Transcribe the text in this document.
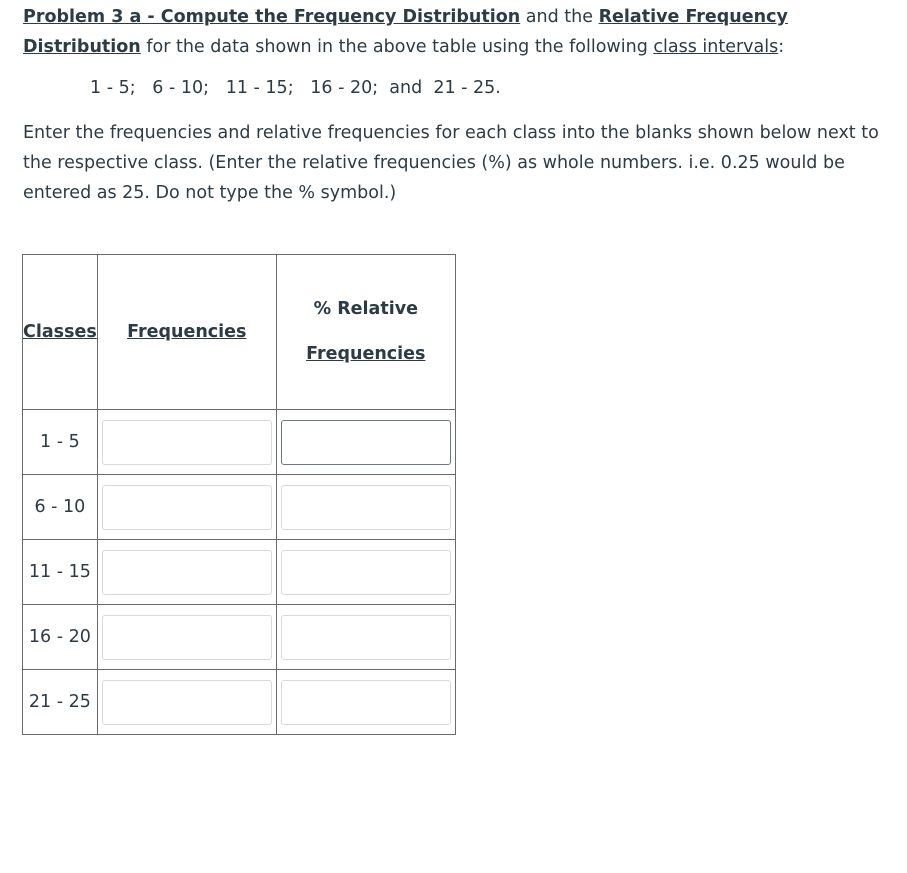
Problem 3 a - Compute the Frequency Distribution and the Relative Frequency Distribution for the data shown in the above table using the following class intervals:
1 - 5;   6 - 10;   11 - 15;   16 - 20;  and  21 - 25.
Enter the frequencies and relative frequencies for each class into the blanks shown below next to the respective class. (Enter the relative frequencies (%) as whole numbers. i.e. 0.25 would be entered as 25. Do not type the % symbol.)
Classes	Frequencies	% Relative
Frequencies

1 - 5

6 - 10

11 - 15

16 - 20

21 - 25
